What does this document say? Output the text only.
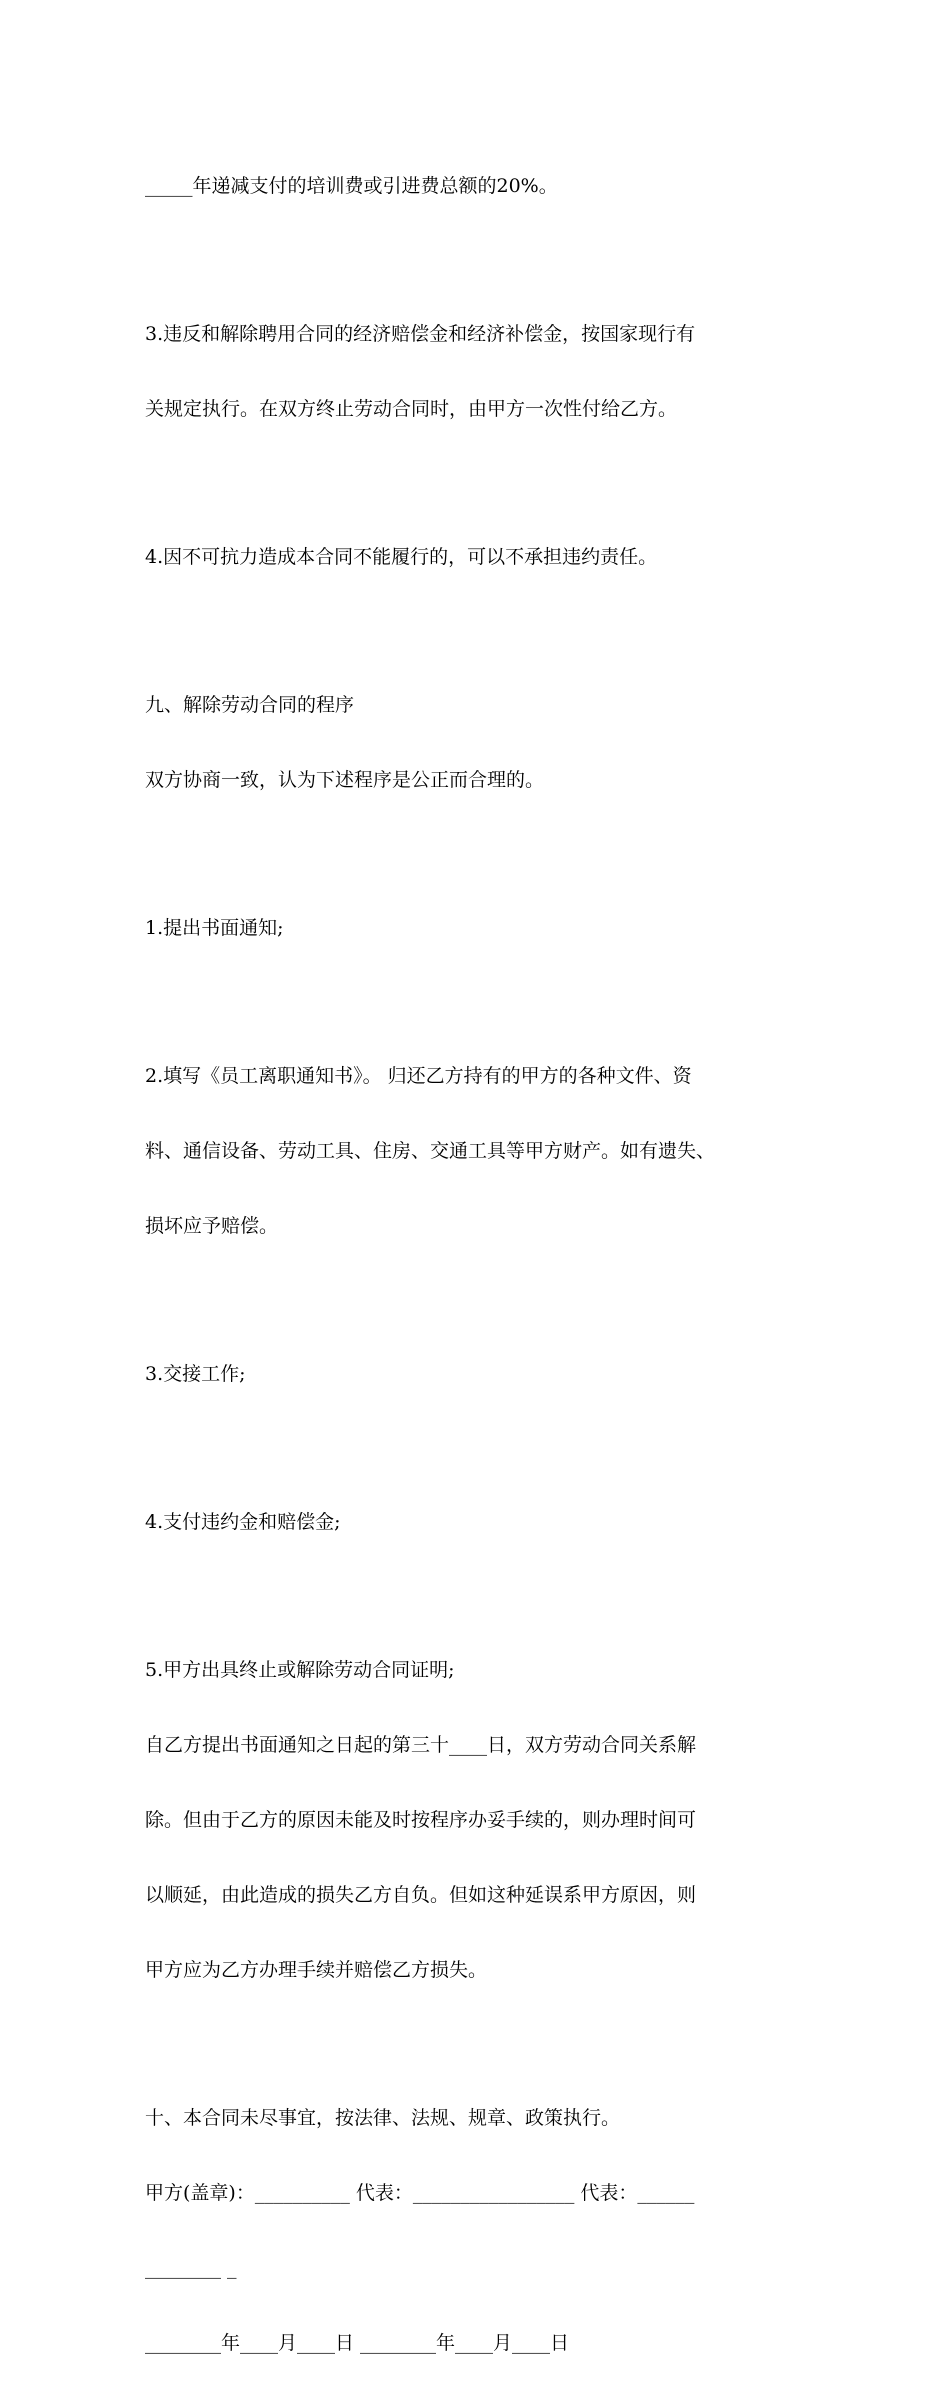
_____年递减支付的培训费或引进费总额的20%。

3.违反和解除聘用合同的经济赔偿金和经济补偿金，按国家现行有

关规定执行。在双方终止劳动合同时，由甲方一次性付给乙方。

4.因不可抗力造成本合同不能履行的，可以不承担违约责任。

九、解除劳动合同的程序

双方协商一致，认为下述程序是公正而合理的。

1.提出书面通知;

2.填写《员工离职通知书》。 归还乙方持有的甲方的各种文件、资

料、通信设备、劳动工具、住房、交通工具等甲方财产。如有遗失、

损坏应予赔偿。

3.交接工作;

4.支付违约金和赔偿金;

5.甲方出具终止或解除劳动合同证明;

自乙方提出书面通知之日起的第三十____日，双方劳动合同关系解

除。但由于乙方的原因未能及时按程序办妥手续的，则办理时间可

以顺延，由此造成的损失乙方自负。但如这种延误系甲方原因，则

甲方应为乙方办理手续并赔偿乙方损失。

十、本合同未尽事宜，按法律、法规、规章、政策执行。

甲方(盖章)：__________ 代表：_________________ 代表：______

________ _

________年____月____日 ________年____月____日
